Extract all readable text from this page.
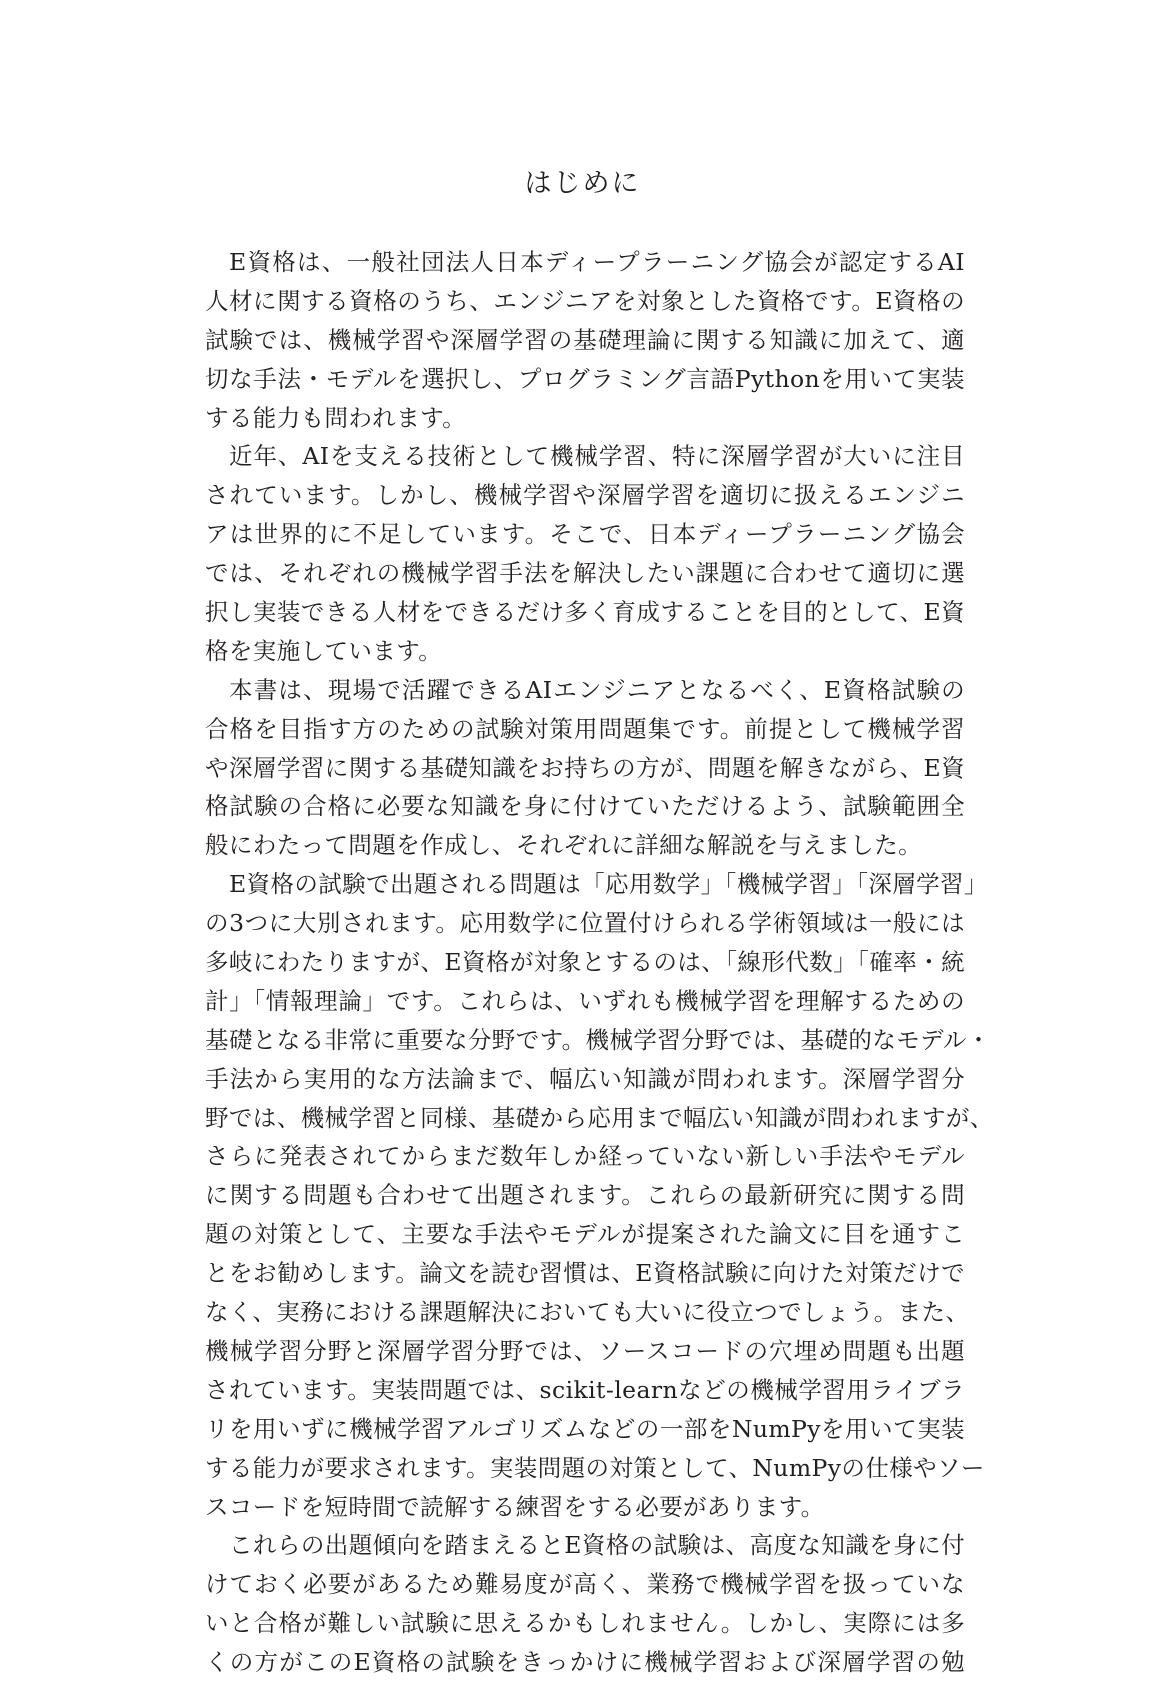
はじめに
E資格は、一般社団法人日本ディープラーニング協会が認定するAI
人材に関する資格のうち、エンジニアを対象とした資格です。E資格の
試験では、機械学習や深層学習の基礎理論に関する知識に加えて、適
切な手法・モデルを選択し、プログラミング言語Pythonを用いて実装
する能力も問われます。
近年、AIを支える技術として機械学習、特に深層学習が大いに注目
されています。しかし、機械学習や深層学習を適切に扱えるエンジニ
アは世界的に不足しています。そこで、日本ディープラーニング協会
では、それぞれの機械学習手法を解決したい課題に合わせて適切に選
択し実装できる人材をできるだけ多く育成することを目的として、E資
格を実施しています。
本書は、現場で活躍できるAIエンジニアとなるべく、E資格試験の
合格を目指す方のための試験対策用問題集です。前提として機械学習
や深層学習に関する基礎知識をお持ちの方が、問題を解きながら、E資
格試験の合格に必要な知識を身に付けていただけるよう、試験範囲全
般にわたって問題を作成し、それぞれに詳細な解説を与えました。
E資格の試験で出題される問題は「応用数学」「機械学習」「深層学習」
の3つに大別されます。応用数学に位置付けられる学術領域は一般には
多岐にわたりますが、E資格が対象とするのは、「線形代数」「確率・統
計」「情報理論」です。これらは、いずれも機械学習を理解するための
基礎となる非常に重要な分野です。機械学習分野では、基礎的なモデル・
手法から実用的な方法論まで、幅広い知識が問われます。深層学習分
野では、機械学習と同様、基礎から応用まで幅広い知識が問われますが、
さらに発表されてからまだ数年しか経っていない新しい手法やモデル
に関する問題も合わせて出題されます。これらの最新研究に関する問
題の対策として、主要な手法やモデルが提案された論文に目を通すこ
とをお勧めします。論文を読む習慣は、E資格試験に向けた対策だけで
なく、実務における課題解決においても大いに役立つでしょう。また、
機械学習分野と深層学習分野では、ソースコードの穴埋め問題も出題
されています。実装問題では、scikit-learnなどの機械学習用ライブラ
リを用いずに機械学習アルゴリズムなどの一部をNumPyを用いて実装
する能力が要求されます。実装問題の対策として、NumPyの仕様やソー
スコードを短時間で読解する練習をする必要があります。
これらの出題傾向を踏まえるとE資格の試験は、高度な知識を身に付
けておく必要があるため難易度が高く、業務で機械学習を扱っていな
いと合格が難しい試験に思えるかもしれません。しかし、実際には多
くの方がこのE資格の試験をきっかけに機械学習および深層学習の勉
